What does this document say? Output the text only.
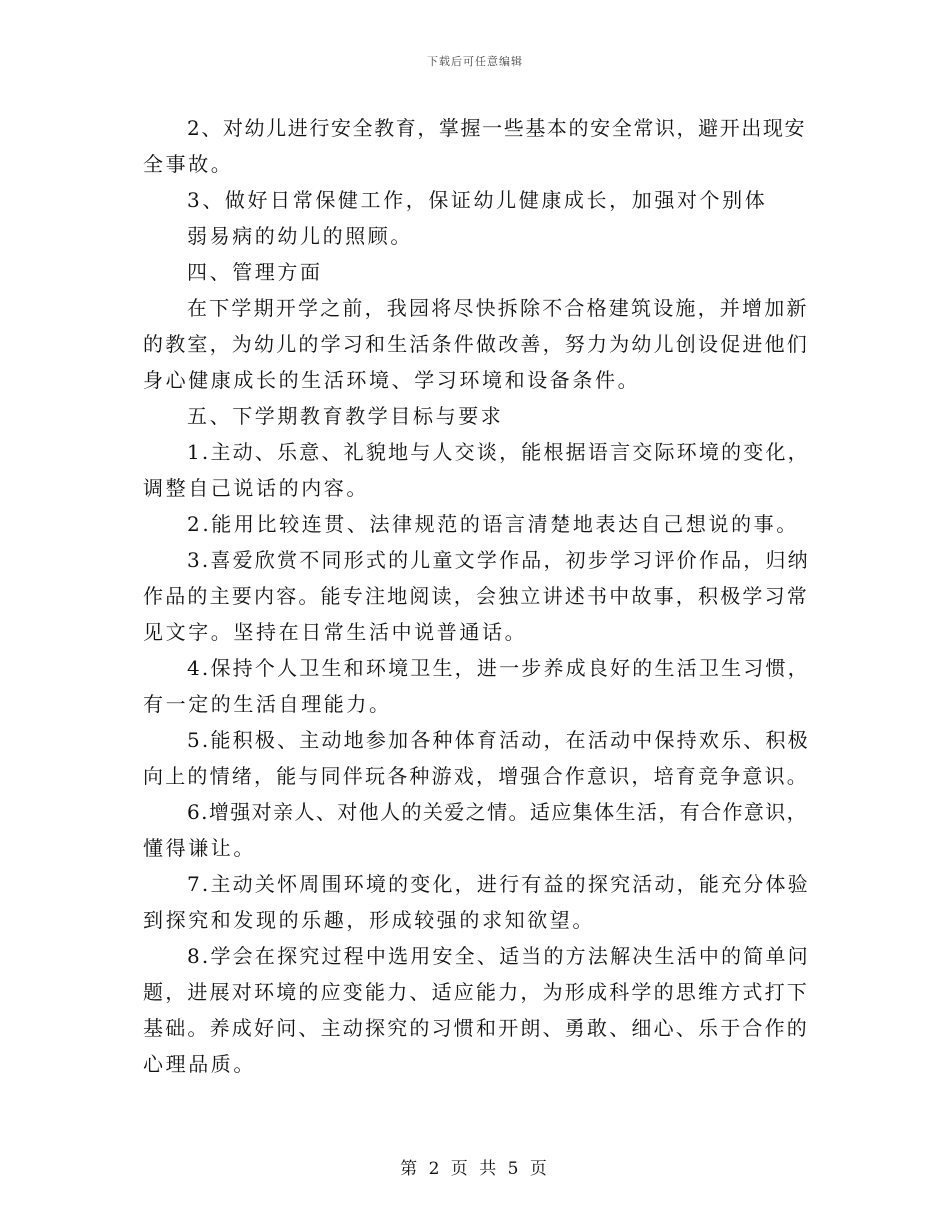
下载后可任意编辑
2、对幼儿进行安全教育，掌握一些基本的安全常识，避开出现安
全事故。
3、做好日常保健工作，保证幼儿健康成长，加强对个别体
弱易病的幼儿的照顾。
四、管理方面
在下学期开学之前，我园将尽快拆除不合格建筑设施，并增加新
的教室，为幼儿的学习和生活条件做改善，努力为幼儿创设促进他们
身心健康成长的生活环境、学习环境和设备条件。
五、下学期教育教学目标与要求
1.主动、乐意、礼貌地与人交谈，能根据语言交际环境的变化，
调整自己说话的内容。
2.能用比较连贯、法律规范的语言清楚地表达自己想说的事。
3.喜爱欣赏不同形式的儿童文学作品，初步学习评价作品，归纳
作品的主要内容。能专注地阅读，会独立讲述书中故事，积极学习常
见文字。坚持在日常生活中说普通话。
4.保持个人卫生和环境卫生，进一步养成良好的生活卫生习惯，
有一定的生活自理能力。
5.能积极、主动地参加各种体育活动，在活动中保持欢乐、积极
向上的情绪，能与同伴玩各种游戏，增强合作意识，培育竞争意识。
6.增强对亲人、对他人的关爱之情。适应集体生活，有合作意识，
懂得谦让。
7.主动关怀周围环境的变化，进行有益的探究活动，能充分体验
到探究和发现的乐趣，形成较强的求知欲望。
8.学会在探究过程中选用安全、适当的方法解决生活中的简单问
题，进展对环境的应变能力、适应能力，为形成科学的思维方式打下
基础。养成好问、主动探究的习惯和开朗、勇敢、细心、乐于合作的
心理品质。
第 2 页 共 5 页
